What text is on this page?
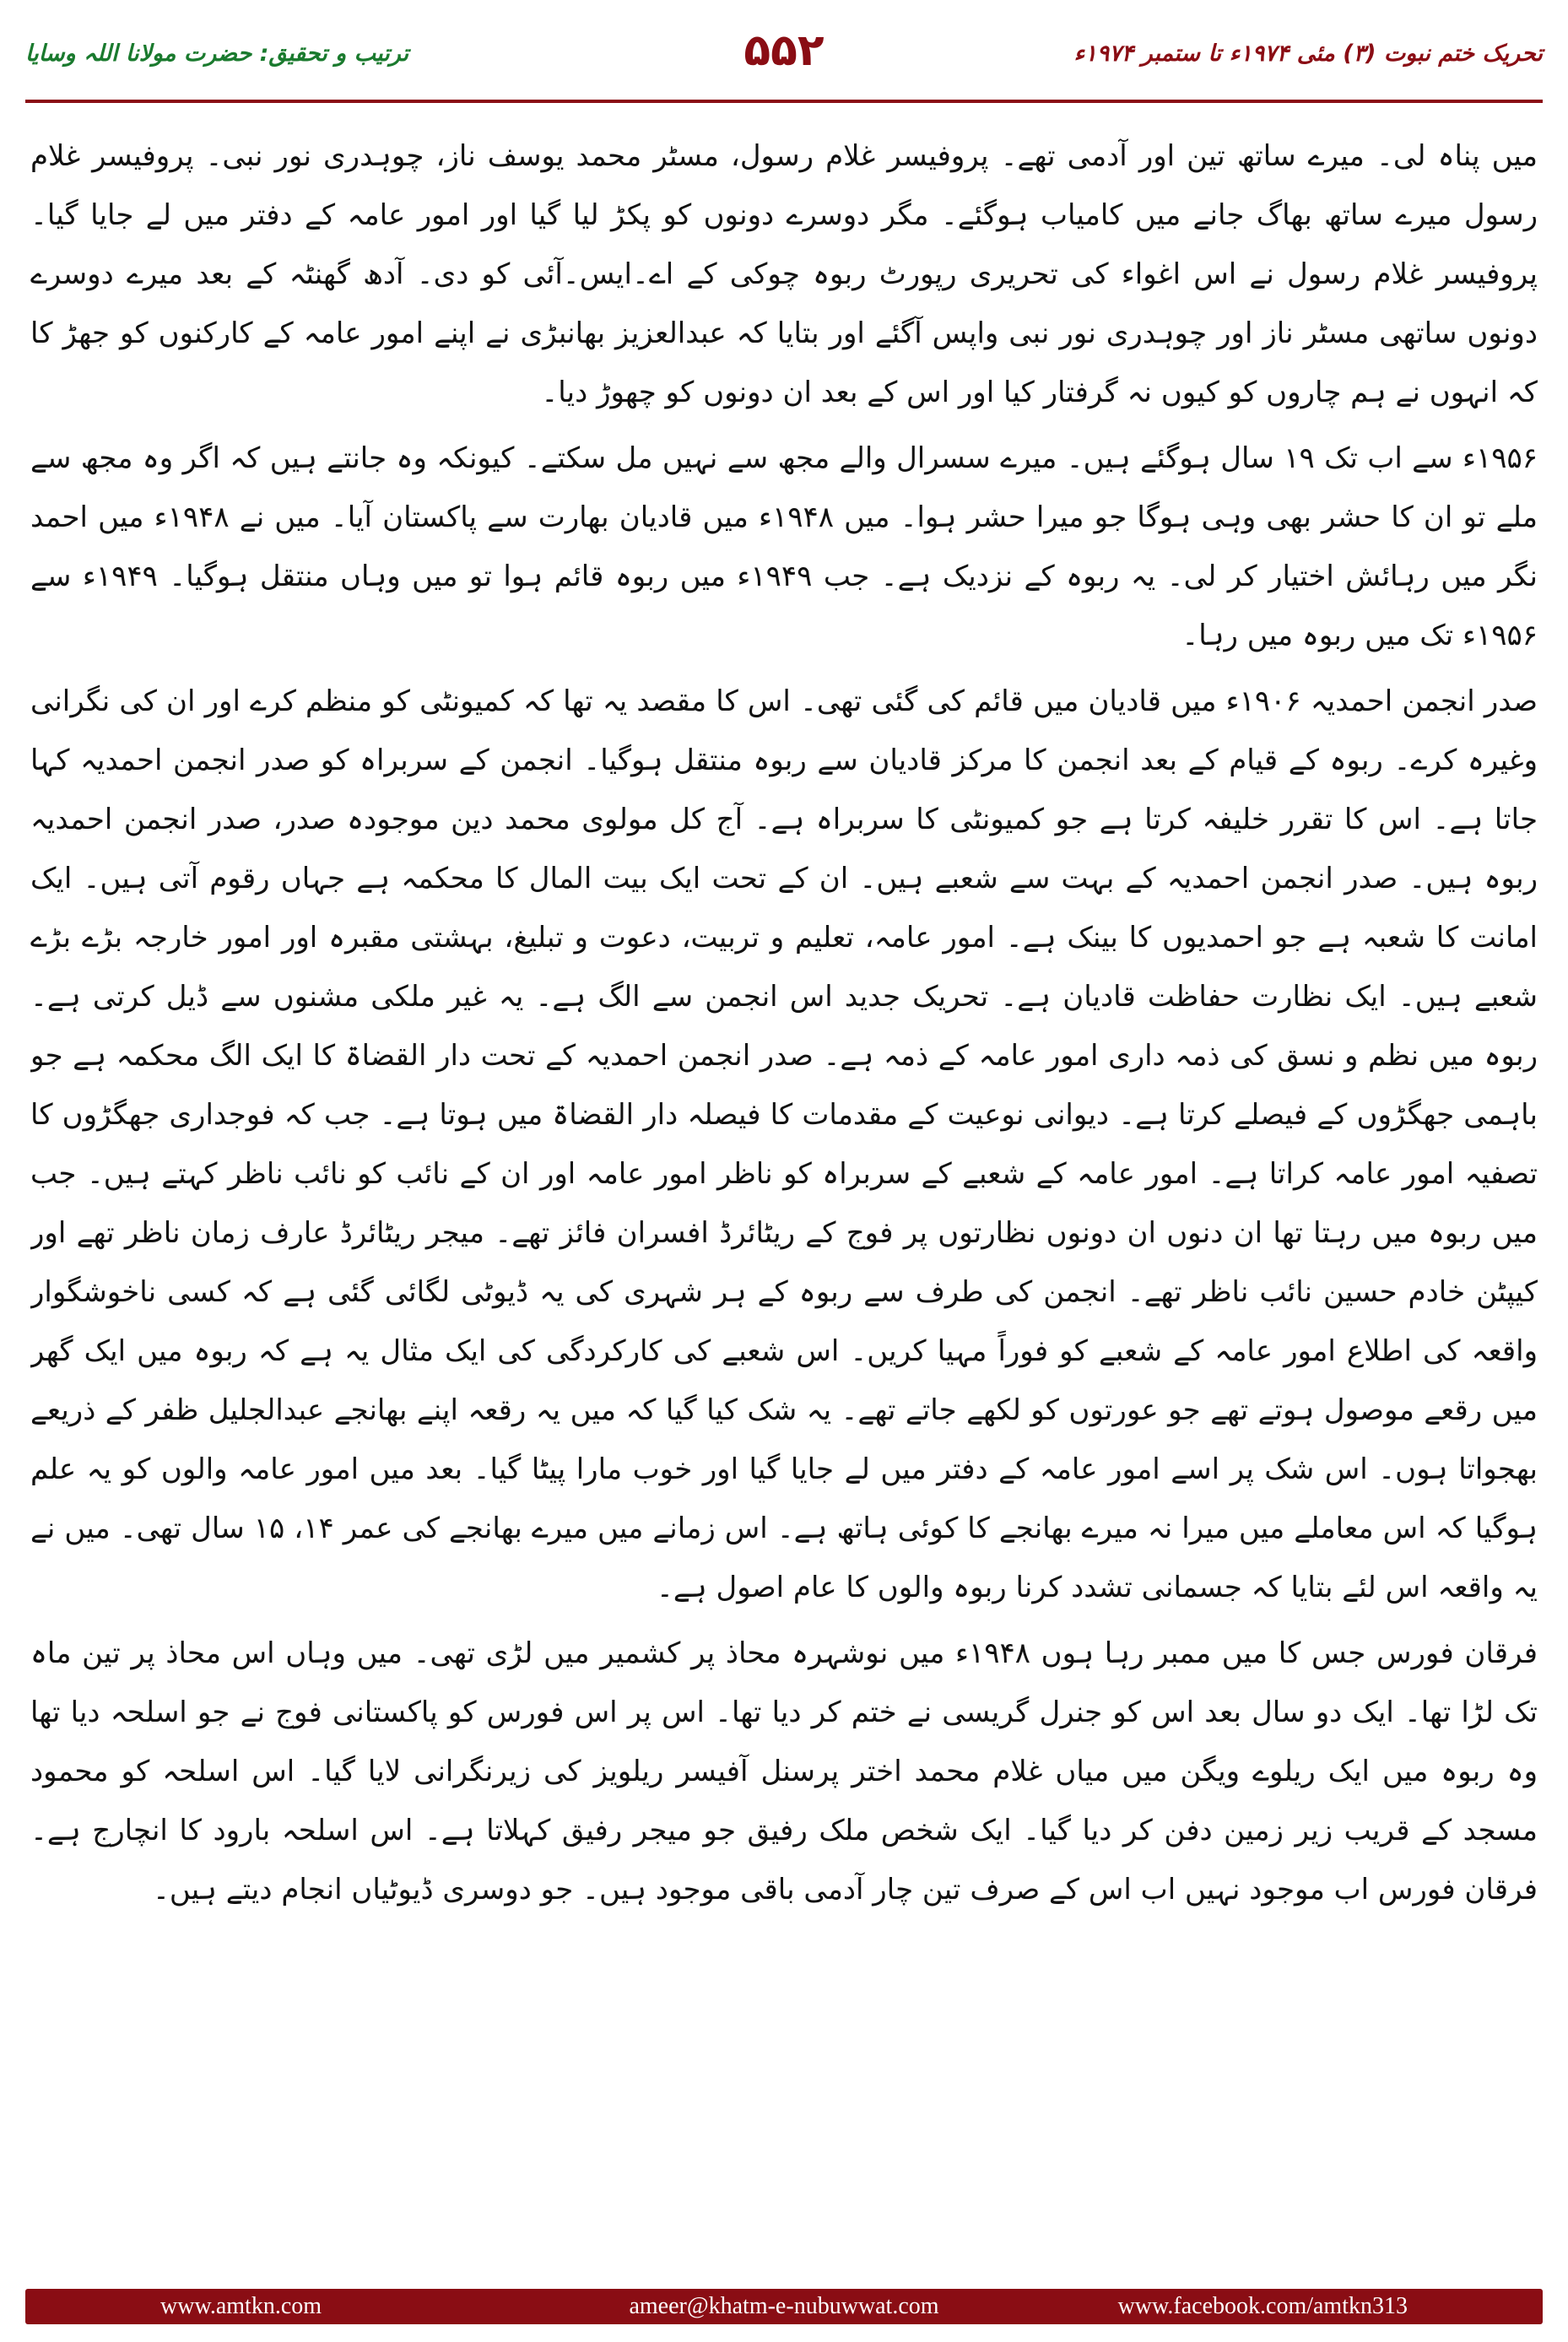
تحریک ختم نبوت (۳) مئی ۱۹۷۴ء تا ستمبر ۱۹۷۴ء
۵۵۲
ترتیب و تحقیق: حضرت مولانا اللہ وسایا

میں پناہ لی۔ میرے ساتھ تین اور آدمی تھے۔ پروفیسر غلام رسول، مسٹر محمد یوسف ناز، چوہدری نور نبی۔ پروفیسر غلام رسول میرے ساتھ بھاگ جانے میں کامیاب ہوگئے۔ مگر دوسرے دونوں کو پکڑ لیا گیا اور امور عامہ کے دفتر میں لے جایا گیا۔ پروفیسر غلام رسول نے اس اغواء کی تحریری رپورٹ ربوہ چوکی کے اے۔ایس۔آئی کو دی۔ آدھ گھنٹہ کے بعد میرے دوسرے دونوں ساتھی مسٹر ناز اور چوہدری نور نبی واپس آگئے اور بتایا کہ عبدالعزیز بھانبڑی نے اپنے امور عامہ کے کارکنوں کو جھڑ کا کہ انہوں نے ہم چاروں کو کیوں نہ گرفتار کیا اور اس کے بعد ان دونوں کو چھوڑ دیا۔

۱۹۵۶ء سے اب تک ۱۹ سال ہوگئے ہیں۔ میرے سسرال والے مجھ سے نہیں مل سکتے۔ کیونکہ وہ جانتے ہیں کہ اگر وہ مجھ سے ملے تو ان کا حشر بھی وہی ہوگا جو میرا حشر ہوا۔ میں ۱۹۴۸ء میں قادیان بھارت سے پاکستان آیا۔ میں نے ۱۹۴۸ء میں احمد نگر میں رہائش اختیار کر لی۔ یہ ربوہ کے نزدیک ہے۔ جب ۱۹۴۹ء میں ربوہ قائم ہوا تو میں وہاں منتقل ہوگیا۔ ۱۹۴۹ء سے ۱۹۵۶ء تک میں ربوہ میں رہا۔

صدر انجمن احمدیہ ۱۹۰۶ء میں قادیان میں قائم کی گئی تھی۔ اس کا مقصد یہ تھا کہ کمیونٹی کو منظم کرے اور ان کی نگرانی وغیرہ کرے۔ ربوہ کے قیام کے بعد انجمن کا مرکز قادیان سے ربوہ منتقل ہوگیا۔ انجمن کے سربراہ کو صدر انجمن احمدیہ کہا جاتا ہے۔ اس کا تقرر خلیفہ کرتا ہے جو کمیونٹی کا سربراہ ہے۔ آج کل مولوی محمد دین موجودہ صدر، صدر انجمن احمدیہ ربوہ ہیں۔ صدر انجمن احمدیہ کے بہت سے شعبے ہیں۔ ان کے تحت ایک بیت المال کا محکمہ ہے جہاں رقوم آتی ہیں۔ ایک امانت کا شعبہ ہے جو احمدیوں کا بینک ہے۔ امور عامہ، تعلیم و تربیت، دعوت و تبلیغ، بہشتی مقبرہ اور امور خارجہ بڑے بڑے شعبے ہیں۔ ایک نظارت حفاظت قادیان ہے۔ تحریک جدید اس انجمن سے الگ ہے۔ یہ غیر ملکی مشنوں سے ڈیل کرتی ہے۔ ربوہ میں نظم و نسق کی ذمہ داری امور عامہ کے ذمہ ہے۔ صدر انجمن احمدیہ کے تحت دار القضاۃ کا ایک الگ محکمہ ہے جو باہمی جھگڑوں کے فیصلے کرتا ہے۔ دیوانی نوعیت کے مقدمات کا فیصلہ دار القضاۃ میں ہوتا ہے۔ جب کہ فوجداری جھگڑوں کا تصفیہ امور عامہ کراتا ہے۔ امور عامہ کے شعبے کے سربراہ کو ناظر امور عامہ اور ان کے نائب کو نائب ناظر کہتے ہیں۔ جب میں ربوہ میں رہتا تھا ان دنوں ان دونوں نظارتوں پر فوج کے ریٹائرڈ افسران فائز تھے۔ میجر ریٹائرڈ عارف زمان ناظر تھے اور کیپٹن خادم حسین نائب ناظر تھے۔ انجمن کی طرف سے ربوہ کے ہر شہری کی یہ ڈیوٹی لگائی گئی ہے کہ کسی ناخوشگوار واقعہ کی اطلاع امور عامہ کے شعبے کو فوراً مہیا کریں۔ اس شعبے کی کارکردگی کی ایک مثال یہ ہے کہ ربوہ میں ایک گھر میں رقعے موصول ہوتے تھے جو عورتوں کو لکھے جاتے تھے۔ یہ شک کیا گیا کہ میں یہ رقعہ اپنے بھانجے عبدالجلیل ظفر کے ذریعے بھجواتا ہوں۔ اس شک پر اسے امور عامہ کے دفتر میں لے جایا گیا اور خوب مارا پیٹا گیا۔ بعد میں امور عامہ والوں کو یہ علم ہوگیا کہ اس معاملے میں میرا نہ میرے بھانجے کا کوئی ہاتھ ہے۔ اس زمانے میں میرے بھانجے کی عمر ۱۴، ۱۵ سال تھی۔ میں نے یہ واقعہ اس لئے بتایا کہ جسمانی تشدد کرنا ربوہ والوں کا عام اصول ہے۔

فرقان فورس جس کا میں ممبر رہا ہوں ۱۹۴۸ء میں نوشہرہ محاذ پر کشمیر میں لڑی تھی۔ میں وہاں اس محاذ پر تین ماہ تک لڑا تھا۔ ایک دو سال بعد اس کو جنرل گریسی نے ختم کر دیا تھا۔ اس پر اس فورس کو پاکستانی فوج نے جو اسلحہ دیا تھا وہ ربوہ میں ایک ریلوے ویگن میں میاں غلام محمد اختر پرسنل آفیسر ریلویز کی زیرنگرانی لایا گیا۔ اس اسلحہ کو محمود مسجد کے قریب زیر زمین دفن کر دیا گیا۔ ایک شخص ملک رفیق جو میجر رفیق کہلاتا ہے۔ اس اسلحہ بارود کا انچارج ہے۔ فرقان فورس اب موجود نہیں اب اس کے صرف تین چار آدمی باقی موجود ہیں۔ جو دوسری ڈیوٹیاں انجام دیتے ہیں۔

www.amtkn.com	ameer@khatm-e-nubuwwat.com	www.facebook.com/amtkn313
